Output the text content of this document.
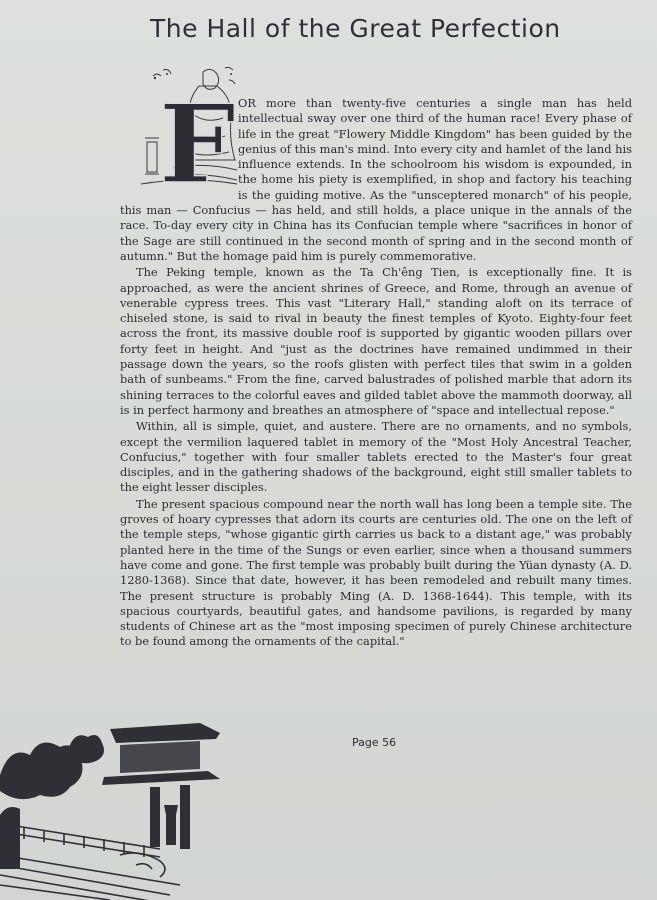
The Hall of the Great Perfection
F OR more than twenty-five centuries a single man has held intellectual sway over one third of the human race! Every phase of life in the great "Flowery Middle Kingdom" has been guided by the genius of this man's mind. Into every city and hamlet of the land his influence extends. In the schoolroom his wisdom is expounded, in the home his piety is exemplified, in shop and factory his teaching is the guiding motive. As the "unsceptered monarch" of his people, this man — Confucius — has held, and still holds, a place unique in the annals of the race. To-day every city in China has its Confucian temple where "sacrifices in honor of the Sage are still continued in the second month of spring and in the second month of autumn." But the homage paid him is purely commemorative.

The Peking temple, known as the Ta Ch'êng Tien, is exceptionally fine. It is approached, as were the ancient shrines of Greece, and Rome, through an avenue of venerable cypress trees. This vast "Literary Hall," standing aloft on its terrace of chiseled stone, is said to rival in beauty the finest temples of Kyoto. Eighty-four feet across the front, its massive double roof is supported by gigantic wooden pillars over forty feet in height. And "just as the doctrines have remained undimmed in their passage down the years, so the roofs glisten with perfect tiles that swim in a golden bath of sunbeams." From the fine, carved balustrades of polished marble that adorn its shining terraces to the colorful eaves and gilded tablet above the mammoth doorway, all is in perfect harmony and breathes an atmosphere of "space and intellectual repose."

Within, all is simple, quiet, and austere. There are no ornaments, and no symbols, except the vermilion laquered tablet in memory of the "Most Holy Ancestral Teacher, Confucius," together with four smaller tablets erected to the Master's four great disciples, and in the gathering shadows of the background, eight still smaller tablets to the eight lesser disciples.

The present spacious compound near the north wall has long been a temple site. The groves of hoary cypresses that adorn its courts are centuries old. The one on the left of the temple steps, "whose gigantic girth carries us back to a distant age," was probably planted here in the time of the Sungs or even earlier, since when a thousand summers have come and gone. The first temple was probably built during the Yüan dynasty (A. D. 1280-1368). Since that date, however, it has been remodeled and rebuilt many times. The present structure is probably Ming (A. D. 1368-1644). This temple, with its spacious courtyards, beautiful gates, and handsome pavilions, is regarded by many students of Chinese art as the "most imposing specimen of purely Chinese architecture to be found among the ornaments of the capital."

Page 56
